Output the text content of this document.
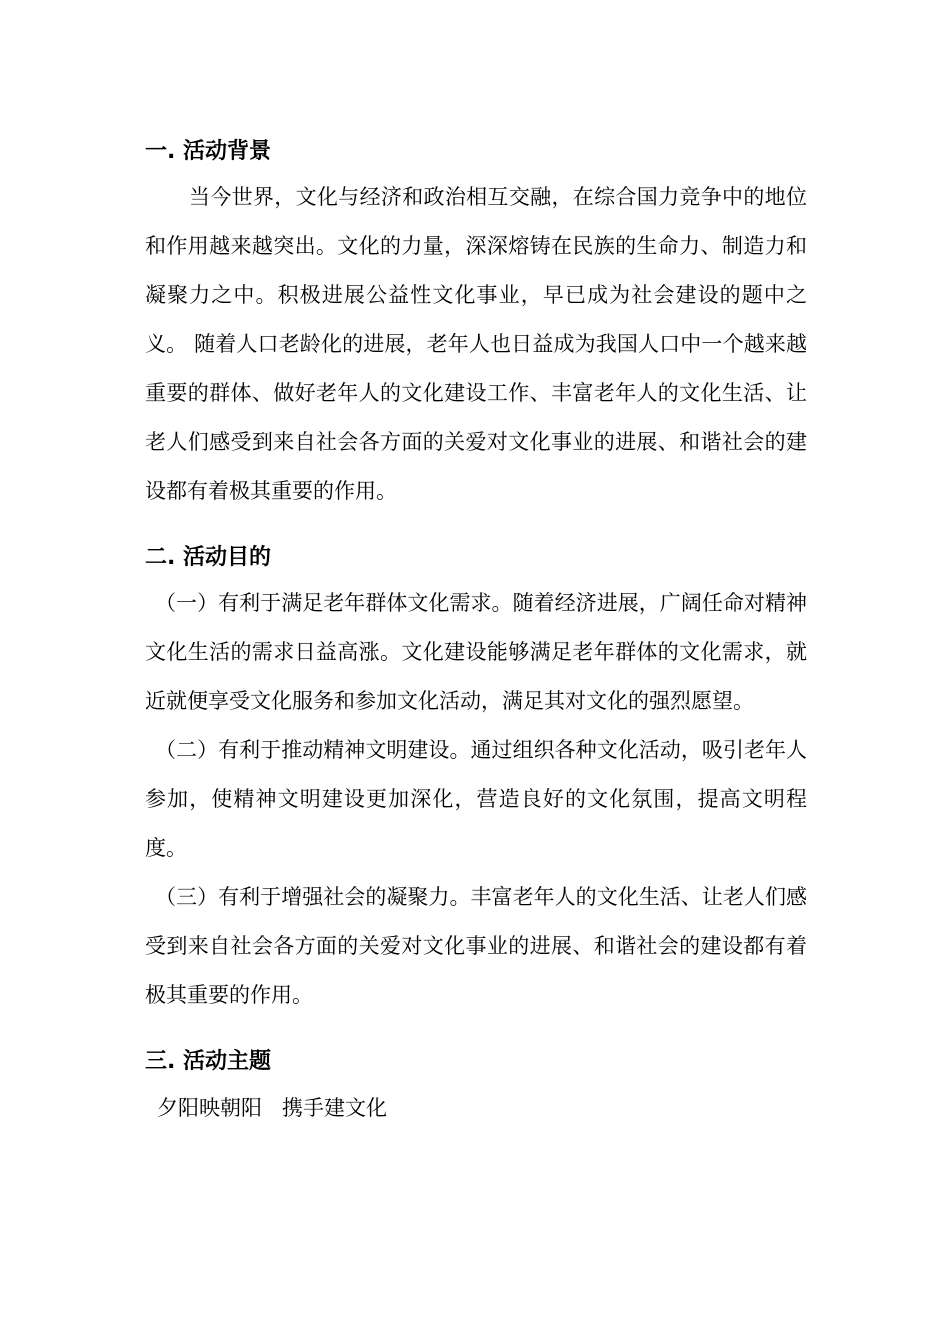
一. 活动背景

当今世界，文化与经济和政治相互交融，在综合国力竞争中的地位和作用越来越突出。文化的力量，深深熔铸在民族的生命力、制造力和凝聚力之中。积极进展公益性文化事业，早已成为社会建设的题中之义。 随着人口老龄化的进展，老年人也日益成为我国人口中一个越来越重要的群体、做好老年人的文化建设工作、丰富老年人的文化生活、让老人们感受到来自社会各方面的关爱对文化事业的进展、和谐社会的建设都有着极其重要的作用。

二. 活动目的

（一）有利于满足老年群体文化需求。随着经济进展，广阔任命对精神文化生活的需求日益高涨。文化建设能够满足老年群体的文化需求，就近就便享受文化服务和参加文化活动，满足其对文化的强烈愿望。

（二）有利于推动精神文明建设。通过组织各种文化活动，吸引老年人参加，使精神文明建设更加深化，营造良好的文化氛围，提高文明程度。

（三）有利于增强社会的凝聚力。丰富老年人的文化生活、让老人们感受到来自社会各方面的关爱对文化事业的进展、和谐社会的建设都有着极其重要的作用。

三. 活动主题
夕阳映朝阳   携手建文化
